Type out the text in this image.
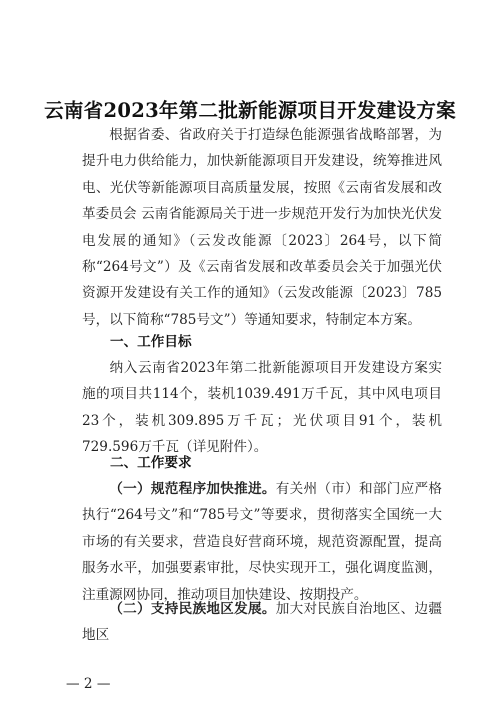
云南省2023年第二批新能源项目开发建设方案
根据省委、省政府关于打造绿色能源强省战略部署，为提升电力供给能力，加快新能源项目开发建设，统筹推进风电、光伏等新能源项目高质量发展，按照《云南省发展和改革委员会 云南省能源局关于进一步规范开发行为加快光伏发电发展的通知》（云发改能源〔2023〕264号，以下简称“264号文”）及《云南省发展和改革委员会关于加强光伏资源开发建设有关工作的通知》（云发改能源〔2023〕785号，以下简称“785号文”）等通知要求，特制定本方案。
一、工作目标
纳入云南省2023年第二批新能源项目开发建设方案实施的项目共114个，装机1039.491万千瓦，其中风电项目23个，装机309.895万千瓦；光伏项目91个，装机729.596万千瓦（详见附件）。
二、工作要求
（一）规范程序加快推进。有关州（市）和部门应严格执行“264号文”和“785号文”等要求，贯彻落实全国统一大市场的有关要求，营造良好营商环境，规范资源配置，提高服务水平，加强要素审批，尽快实现开工，强化调度监测，注重源网协同，推动项目加快建设、按期投产。
（二）支持民族地区发展。加大对民族自治地区、边疆地区
— 2 —
